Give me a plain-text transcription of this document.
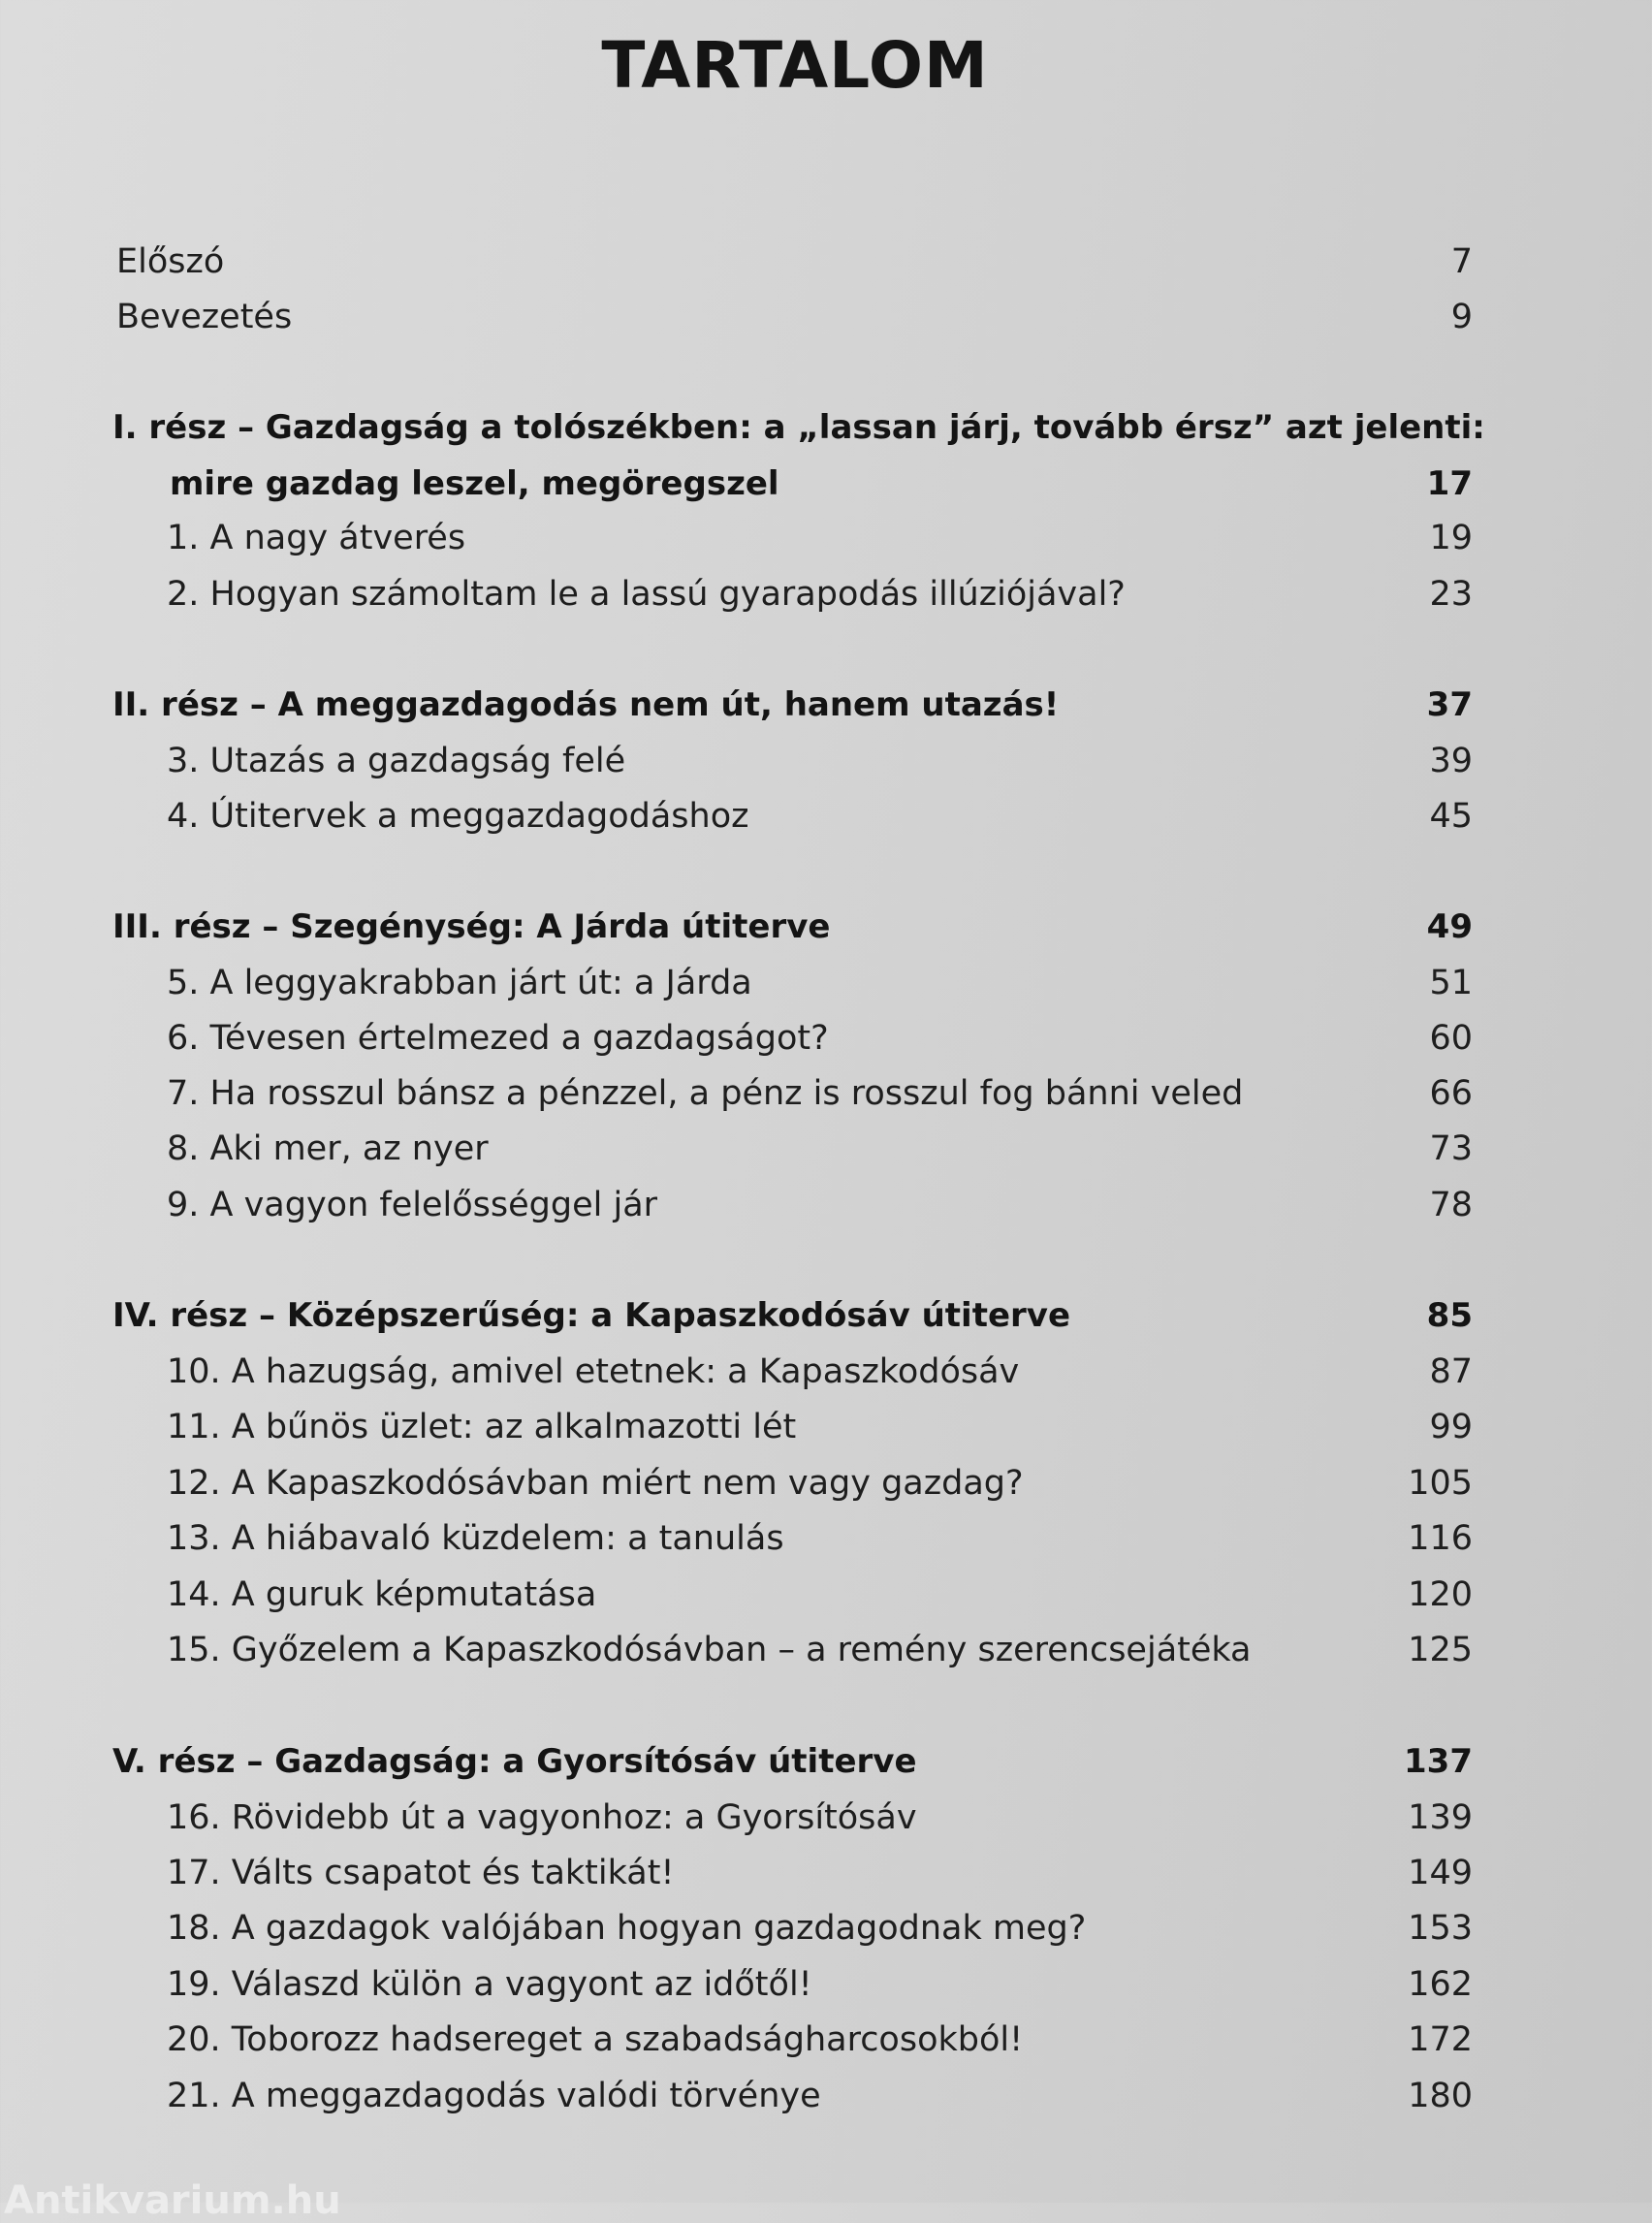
TARTALOM
Előszó	7
Bevezetés	9
I. rész – Gazdagság a tolószékben: a „lassan járj, tovább érsz” azt jelenti:
mire gazdag leszel, megöregszel	17
1. A nagy átverés	19
2. Hogyan számoltam le a lassú gyarapodás illúziójával?	23
II. rész – A meggazdagodás nem út, hanem utazás!	37
3. Utazás a gazdagság felé	39
4. Útitervek a meggazdagodáshoz	45
III. rész – Szegénység: A Járda útiterve	49
5. A leggyakrabban járt út: a Járda	51
6. Tévesen értelmezed a gazdagságot?	60
7. Ha rosszul bánsz a pénzzel, a pénz is rosszul fog bánni veled	66
8. Aki mer, az nyer	73
9. A vagyon felelősséggel jár	78
IV. rész – Középszerűség: a Kapaszkodósáv útiterve	85
10. A hazugság, amivel etetnek: a Kapaszkodósáv	87
11. A bűnös üzlet: az alkalmazotti lét	99
12. A Kapaszkodósávban miért nem vagy gazdag?	105
13. A hiábavaló küzdelem: a tanulás	116
14. A guruk képmutatása	120
15. Győzelem a Kapaszkodósávban – a remény szerencsejátéka	125
V. rész – Gazdagság: a Gyorsítósáv útiterve	137
16. Rövidebb út a vagyonhoz: a Gyorsítósáv	139
17. Válts csapatot és taktikát!	149
18. A gazdagok valójában hogyan gazdagodnak meg?	153
19. Válaszd külön a vagyont az időtől!	162
20. Toborozz hadsereget a szabadságharcosokból!	172
21. A meggazdagodás valódi törvénye	180
Antikvarium.hu
